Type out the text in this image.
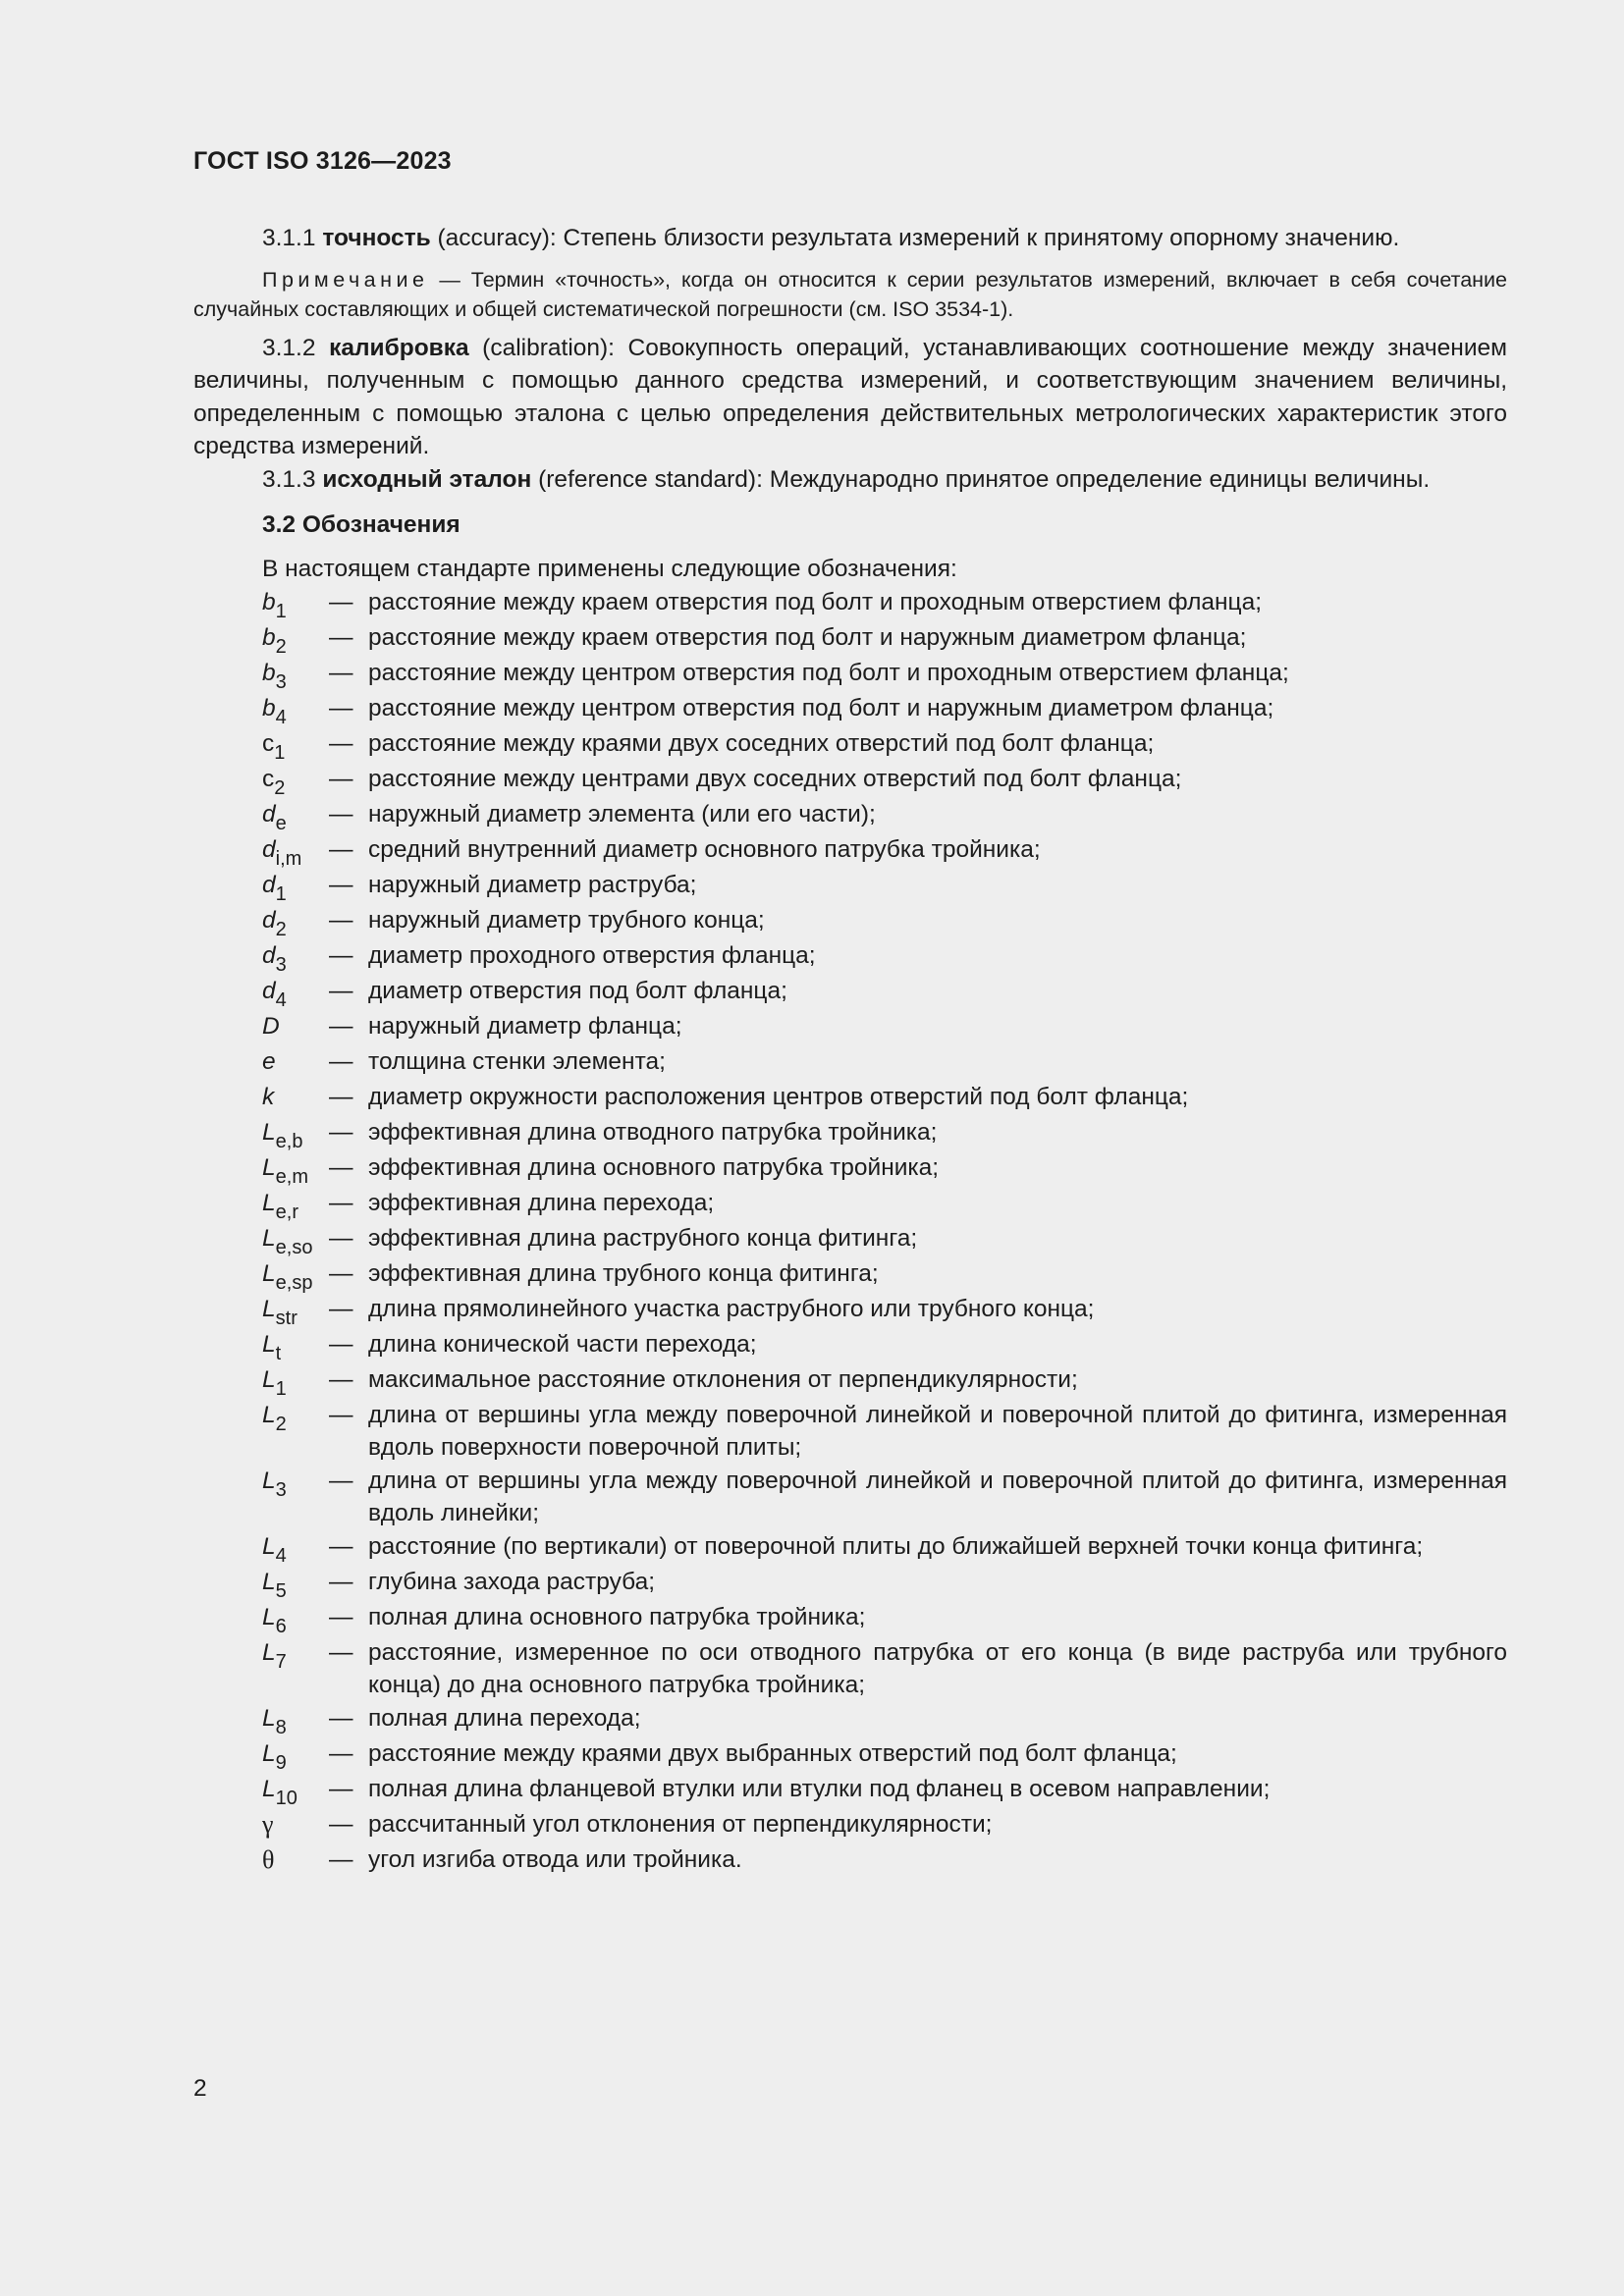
ГОСТ ISO 3126—2023

3.1.1 точность (accuracy): Степень близости результата измерений к принятому опорному значению.

Примечание — Термин «точность», когда он относится к серии результатов измерений, включает в себя сочетание случайных составляющих и общей систематической погрешности (см. ISO 3534-1).

3.1.2 калибровка (calibration): Совокупность операций, устанавливающих соотношение между значением величины, полученным с помощью данного средства измерений, и соответствующим значением величины, определенным с помощью эталона с целью определения действительных метрологических характеристик этого средства измерений.

3.1.3 исходный эталон (reference standard): Международно принятое определение единицы величины.

3.2 Обозначения
В настоящем стандарте применены следующие обозначения:
$b_1$	— расстояние между краем отверстия под болт и проходным отверстием фланца;
$b_2$	— расстояние между краем отверстия под болт и наружным диаметром фланца;
$b_3$	— расстояние между центром отверстия под болт и проходным отверстием фланца;
$b_4$	— расстояние между центром отверстия под болт и наружным диаметром фланца;
$c_1$	— расстояние между краями двух соседних отверстий под болт фланца;
$c_2$	— расстояние между центрами двух соседних отверстий под болт фланца;
$d_e$	— наружный диаметр элемента (или его части);
$d_{i,m}$	— средний внутренний диаметр основного патрубка тройника;
$d_1$	— наружный диаметр раструба;
$d_2$	— наружный диаметр трубного конца;
$d_3$	— диаметр проходного отверстия фланца;
$d_4$	— диаметр отверстия под болт фланца;
D	— наружный диаметр фланца;
e	— толщина стенки элемента;
k	— диаметр окружности расположения центров отверстий под болт фланца;
$L_{e,b}$	— эффективная длина отводного патрубка тройника;
$L_{e,m}$ — эффективная длина основного патрубка тройника;
$L_{e,r}$	— эффективная длина перехода;
$L_{e,so}$ — эффективная длина раструбного конца фитинга;
$L_{e,sp}$ — эффективная длина трубного конца фитинга;
$L_{str}$	— длина прямолинейного участка раструбного или трубного конца;
$L_t$	— длина конической части перехода;
$L_1$	— максимальное расстояние отклонения от перпендикулярности;
$L_2$	— длина от вершины угла между поверочной линейкой и поверочной плитой до фитинга, измеренная вдоль поверхности поверочной плиты;
$L_3$	— длина от вершины угла между поверочной линейкой и поверочной плитой до фитинга, измеренная вдоль линейки;
$L_4$	— расстояние (по вертикали) от поверочной плиты до ближайшей верхней точки конца фитинга;
$L_5$	— глубина захода раструба;
$L_6$	— полная длина основного патрубка тройника;
$L_7$	— расстояние, измеренное по оси отводного патрубка от его конца (в виде раструба или трубного конца) до дна основного патрубка тройника;
$L_8$	— полная длина перехода;
$L_9$	— расстояние между краями двух выбранных отверстий под болт фланца;
$L_{10}$	— полная длина фланцевой втулки или втулки под фланец в осевом направлении;
γ	— рассчитанный угол отклонения от перпендикулярности;
θ	— угол изгиба отвода или тройника.
2
